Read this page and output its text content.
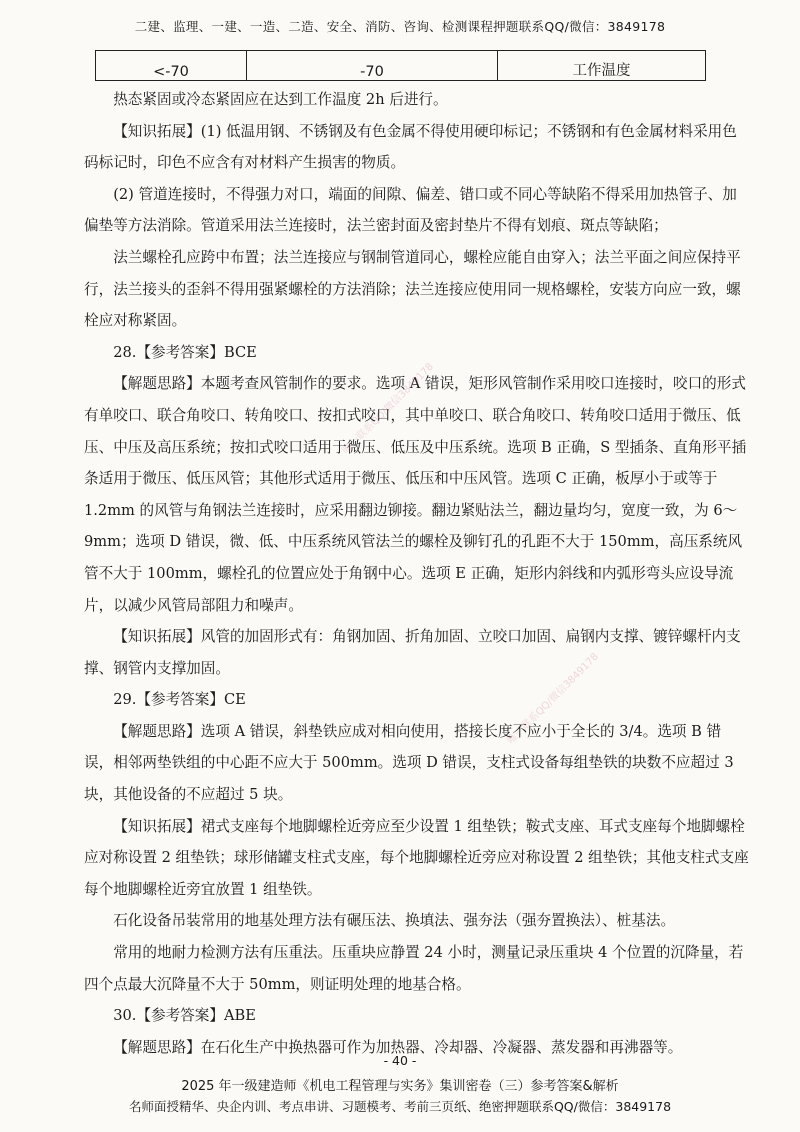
二建、监理、一建、一造、二造、安全、消防、咨询、检测课程押题联系QQ/微信：3849178
<-70	-70	工作温度

热态紧固或冷态紧固应在达到工作温度 2h 后进行。

【知识拓展】(1) 低温用钢、不锈钢及有色金属不得使用硬印标记；不锈钢和有色金属材料采用色码标记时，印色不应含有对材料产生损害的物质。

(2) 管道连接时，不得强力对口，端面的间隙、偏差、错口或不同心等缺陷不得采用加热管子、加偏垫等方法消除。管道采用法兰连接时，法兰密封面及密封垫片不得有划痕、斑点等缺陷；

法兰螺栓孔应跨中布置；法兰连接应与钢制管道同心，螺栓应能自由穿入；法兰平面之间应保持平行，法兰接头的歪斜不得用强紧螺栓的方法消除；法兰连接应使用同一规格螺栓，安装方向应一致，螺栓应对称紧固。

28.【参考答案】BCE

【解题思路】本题考查风管制作的要求。选项 A 错误，矩形风管制作采用咬口连接时，咬口的形式有单咬口、联合角咬口、转角咬口、按扣式咬口，其中单咬口、联合角咬口、转角咬口适用于微压、低压、中压及高压系统；按扣式咬口适用于微压、低压及中压系统。选项 B 正确，S 型插条、直角形平插条适用于微压、低压风管；其他形式适用于微压、低压和中压风管。选项 C 正确，板厚小于或等于 1.2mm 的风管与角钢法兰连接时，应采用翻边铆接。翻边紧贴法兰，翻边量均匀，宽度一致，为 6～9mm；选项 D 错误，微、低、中压系统风管法兰的螺栓及铆钉孔的孔距不大于 150mm，高压系统风管不大于 100mm，螺栓孔的位置应处于角钢中心。选项 E 正确，矩形内斜线和内弧形弯头应设导流片，以减少风管局部阻力和噪声。

【知识拓展】风管的加固形式有：角钢加固、折角加固、立咬口加固、扁钢内支撑、镀锌螺杆内支撑、钢管内支撑加固。

29.【参考答案】CE

【解题思路】选项 A 错误，斜垫铁应成对相向使用，搭接长度不应小于全长的 3/4。选项 B 错误，相邻两垫铁组的中心距不应大于 500mm。选项 D 错误，支柱式设备每组垫铁的块数不应超过 3 块，其他设备的不应超过 5 块。

【知识拓展】裙式支座每个地脚螺栓近旁应至少设置 1 组垫铁；鞍式支座、耳式支座每个地脚螺栓应对称设置 2 组垫铁；球形储罐支柱式支座，每个地脚螺栓近旁应对称设置 2 组垫铁；其他支柱式支座每个地脚螺栓近旁宜放置 1 组垫铁。

石化设备吊装常用的地基处理方法有碾压法、换填法、强夯法（强夯置换法）、桩基法。

常用的地耐力检测方法有压重法。压重块应静置 24 小时，测量记录压重块 4 个位置的沉降量，若四个点最大沉降量不大于 50mm，则证明处理的地基合格。

30.【参考答案】ABE

【解题思路】在石化生产中换热器可作为加热器、冷却器、冷凝器、蒸发器和再沸器等。

唯一联系QQ/微信3849178
唯一联系QQ/微信3849178
- 40 -
2025 年一级建造师《机电工程管理与实务》集训密卷（三）参考答案&解析
名师面授精华、央企内训、考点串讲、习题模考、考前三页纸、绝密押题联系QQ/微信：3849178
